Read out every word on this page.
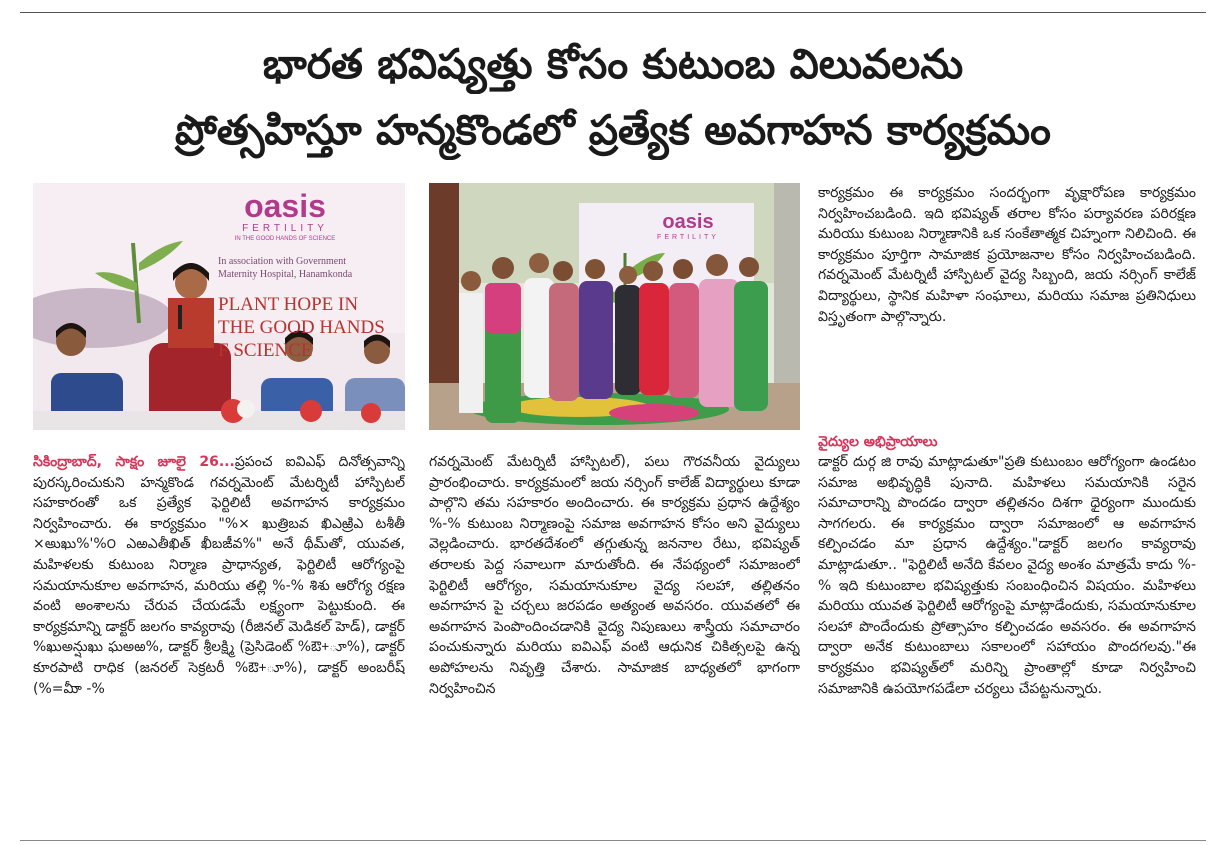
భారత భవిష్యత్తు కోసం కుటుంబ విలువలను
ప్రోత్సహిస్తూ హన్మకొండలో ప్రత్యేక అవగాహన కార్యక్రమం
oasis
FERTILITY
IN THE GOOD HANDS OF SCIENCE
In association with Government
Maternity Hospital, Hanamkonda
PLANT HOPE IN
THE GOOD HANDS
F SCIENCE
oasis
FERTILITY
సికింద్రాబాద్, సాక్షం జూలై 26...ప్రపంచ ఐవిఎఫ్ దినోత్సవాన్ని పురస్కరించుకుని హన్మకొండ గవర్నమెంట్ మేటర్నిటీ హాస్పిటల్ సహకారంతో ఒక ప్రత్యేక ఫెర్టిలిటీ అవగాహన కార్యక్రమం నిర్వహించారు. ఈ కార్యక్రమం "%× ఖుత్రిబవ ఖిఎఱ్రిఎ టశీతీ ×అుఖు%'%౦ ఎఱఎతీఖిత్ ఖీబఙీవ%" అనే థీమ్‌తో, యువత, మహిళలకు కుటుంబ నిర్మాణ ప్రాధాన్యత, ఫెర్టిలిటీ ఆరోగ్యంపై సమయానుకూల అవగాహన, మరియు తల్లి %-% శిశు ఆరోగ్య రక్షణ వంటి అంశాలను చేరువ చేయడమే లక్ష్యంగా పెట్టుకుంది. ఈ కార్యక్రమాన్ని డాక్టర్ జలగం కావ్యరావు (రీజినల్ మెడికల్ హెడ్), డాక్టర్ %ఖుఅన్షుఖు ఘఅఱ%, డాక్టర్ శ్రీలక్ష్మి (ప్రెసిడెంట్ %ఔ+ూ%), డాక్టర్ కూరపాటి రాధిక (జనరల్ సెక్రటరీ %ఔ+ూ%), డాక్టర్ అంబరీష్ (%=మీా -%
గవర్నమెంట్ మేటర్నిటీ హాస్పిటల్), పలు గౌరవనీయ వైద్యులు ప్రారంభించారు. కార్యక్రమంలో జయ నర్సింగ్ కాలేజ్ విద్యార్థులు కూడా పాల్గొని తమ సహకారం అందించారు. ఈ కార్యక్రమ ప్రధాన ఉద్దేశ్యం %-% కుటుంబ నిర్మాణంపై సమాజ అవగాహన కోసం అని వైద్యులు వెల్లడించారు. భారతదేశంలో తగ్గుతున్న జననాల రేటు, భవిష్యత్ తరాలకు పెద్ద సవాలుగా మారుతోంది. ఈ నేపథ్యంలో సమాజంలో ఫెర్టిలిటీ ఆరోగ్యం, సమయానుకూల వైద్య సలహా, తల్లితనం అవగాహన పై చర్చలు జరపడం అత్యంత అవసరం. యువతలో ఈ అవగాహన పెంపొందించడానికి వైద్య నిపుణులు శాస్త్రీయ సమాచారం పంచుకున్నారు మరియు ఐవిఎఫ్ వంటి ఆధునిక చికిత్సలపై ఉన్న అపోహలను నివృత్తి చేశారు. సామాజిక బాధ్యతలో భాగంగా నిర్వహించిన
కార్యక్రమం ఈ కార్యక్రమం సందర్భంగా వృక్షారోపణ కార్యక్రమం నిర్వహించబడింది. ఇది భవిష్యత్ తరాల కోసం పర్యావరణ పరిరక్షణ మరియు కుటుంబ నిర్మాణానికి ఒక సంకేతాత్మక చిహ్నంగా నిలిచింది. ఈ కార్యక్రమం పూర్తిగా సామాజిక ప్రయోజనాల కోసం నిర్వహించబడింది. గవర్నమెంట్ మేటర్నిటీ హాస్పిటల్ వైద్య సిబ్బంది, జయ నర్సింగ్ కాలేజ్ విద్యార్థులు, స్థానిక మహిళా సంఘాలు, మరియు సమాజ ప్రతినిధులు విస్తృతంగా పాల్గొన్నారు.
వైద్యుల అభిప్రాయాలు
డాక్టర్ దుర్గ జి రావు మాట్లాడుతూ"ప్రతి కుటుంబం ఆరోగ్యంగా ఉండటం సమాజ అభివృద్ధికి పునాది. మహిళలు సమయానికి సరైన సమాచారాన్ని పొందడం ద్వారా తల్లితనం దిశగా ధైర్యంగా ముందుకు సాగగలరు. ఈ కార్యక్రమం ద్వారా సమాజంలో ఆ అవగాహన కల్పించడం మా ప్రధాన ఉద్దేశ్యం."డాక్టర్ జలగం కావ్యరావు మాట్లాడుతూ.. "ఫెర్టిలిటీ అనేది కేవలం వైద్య అంశం మాత్రమే కాదు %-% ఇది కుటుంబాల భవిష్యత్తుకు సంబంధించిన విషయం. మహిళలు మరియు యువత ఫెర్టిలిటీ ఆరోగ్యంపై మాట్లాడేందుకు, సమయానుకూల సలహా పొందేందుకు ప్రోత్సాహం కల్పించడం అవసరం. ఈ అవగాహన ద్వారా అనేక కుటుంబాలు సకాలంలో సహాయం పొందగలవు."ఈ కార్యక్రమం భవిష్యత్‌లో మరిన్ని ప్రాంతాల్లో కూడా నిర్వహించి సమాజానికి ఉపయోగపడేలా చర్యలు చేపట్టనున్నారు.
